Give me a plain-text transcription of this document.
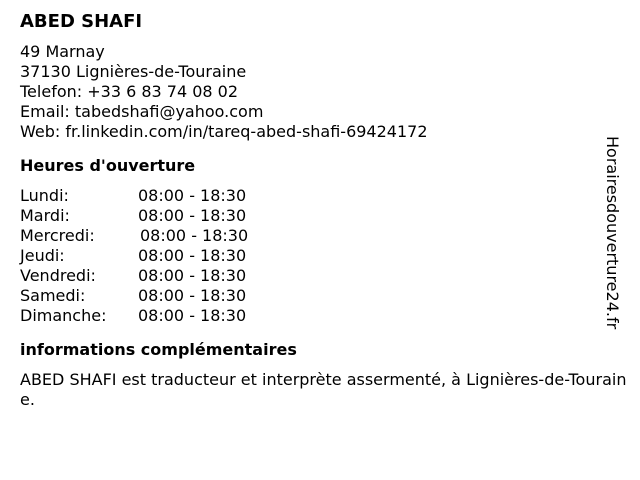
ABED SHAFI
49 Marnay
37130 Lignières-de-Touraine
Telefon: +33 6 83 74 08 02
Email: tabedshafi@yahoo.com
Web: fr.linkedin.com/in/tareq-abed-shafi-69424172
Heures d'ouverture
Lundi:	08:00 - 18:30
Mardi:	08:00 - 18:30
Mercredi:	08:00 - 18:30
Jeudi:	08:00 - 18:30
Vendredi:	08:00 - 18:30
Samedi:	08:00 - 18:30
Dimanche: 08:00 - 18:30
informations complémentaires
ABED SHAFI est traducteur et interprète assermenté, à Lignières-de-Touraine.
Horairesdouverture24.fr
